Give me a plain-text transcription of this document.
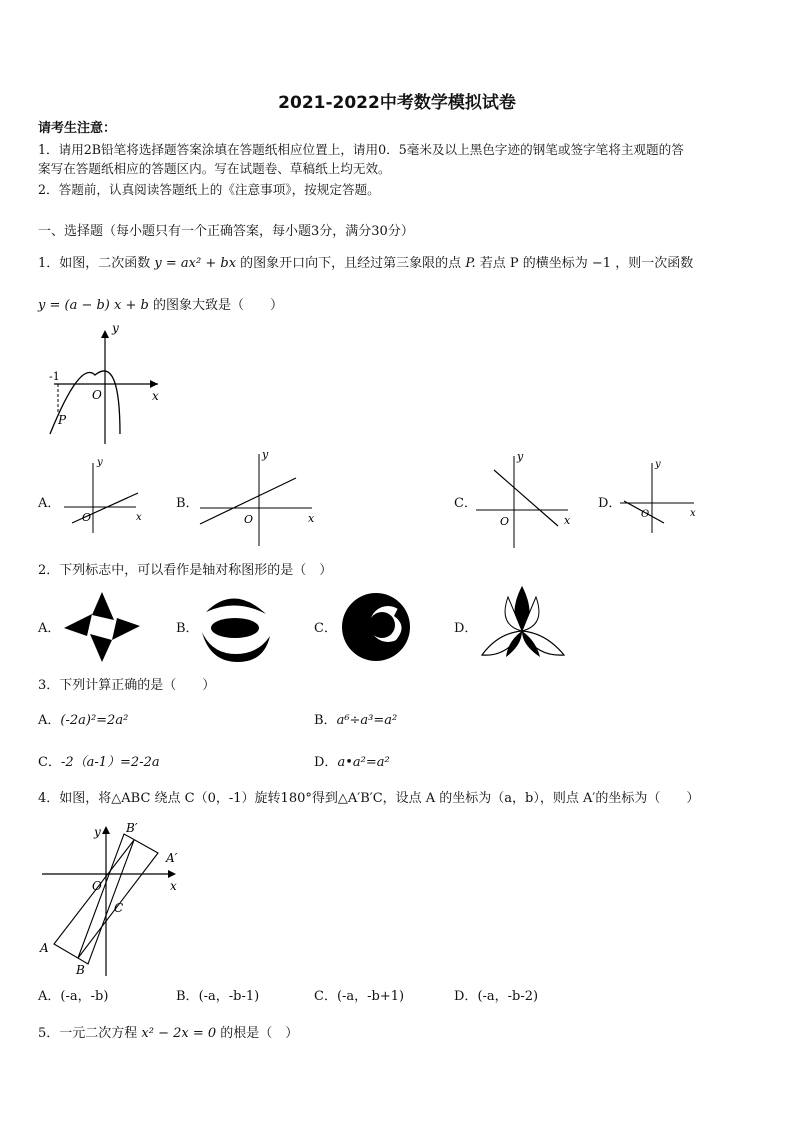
2021-2022中考数学模拟试卷
请考生注意：
1．请用2B铅笔将选择题答案涂填在答题纸相应位置上，请用0．5毫米及以上黑色字迹的钢笔或签字笔将主观题的答
案写在答题纸相应的答题区内。写在试题卷、草稿纸上均无效。
2．答题前，认真阅读答题纸上的《注意事项》，按规定答题。
一、选择题（每小题只有一个正确答案，每小题3分，满分30分）
1．如图，二次函数 y = ax² + bx 的图象开口向下，且经过第三象限的点 P. 若点 P 的横坐标为 −1 ，则一次函数
y = (a − b) x + b 的图象大致是（　　）
-1
O	x
y
P
A．
O	x
y
B．
O	x
y
C．
O	x
y
D．
O	x
y
2．下列标志中，可以看作是轴对称图形的是（　）
A．	B．	C．	D．
3．下列计算正确的是（　　）
A．(-2a)²=2a²	B．a⁶÷a³=a²
C．-2（a-1）=2-2a	D．a•a²=a²
4．如图，将△ABC 绕点 C（0，-1）旋转180°得到△A′B′C，设点 A 的坐标为（a，b），则点 A′的坐标为（　　）
y
x
O
C
A
B
A′
B′
A．(-a，-b)	B．(-a，-b-1)	C．(-a，-b+1)	D．(-a，-b-2)
5．一元二次方程 x² − 2x = 0 的根是（　）
